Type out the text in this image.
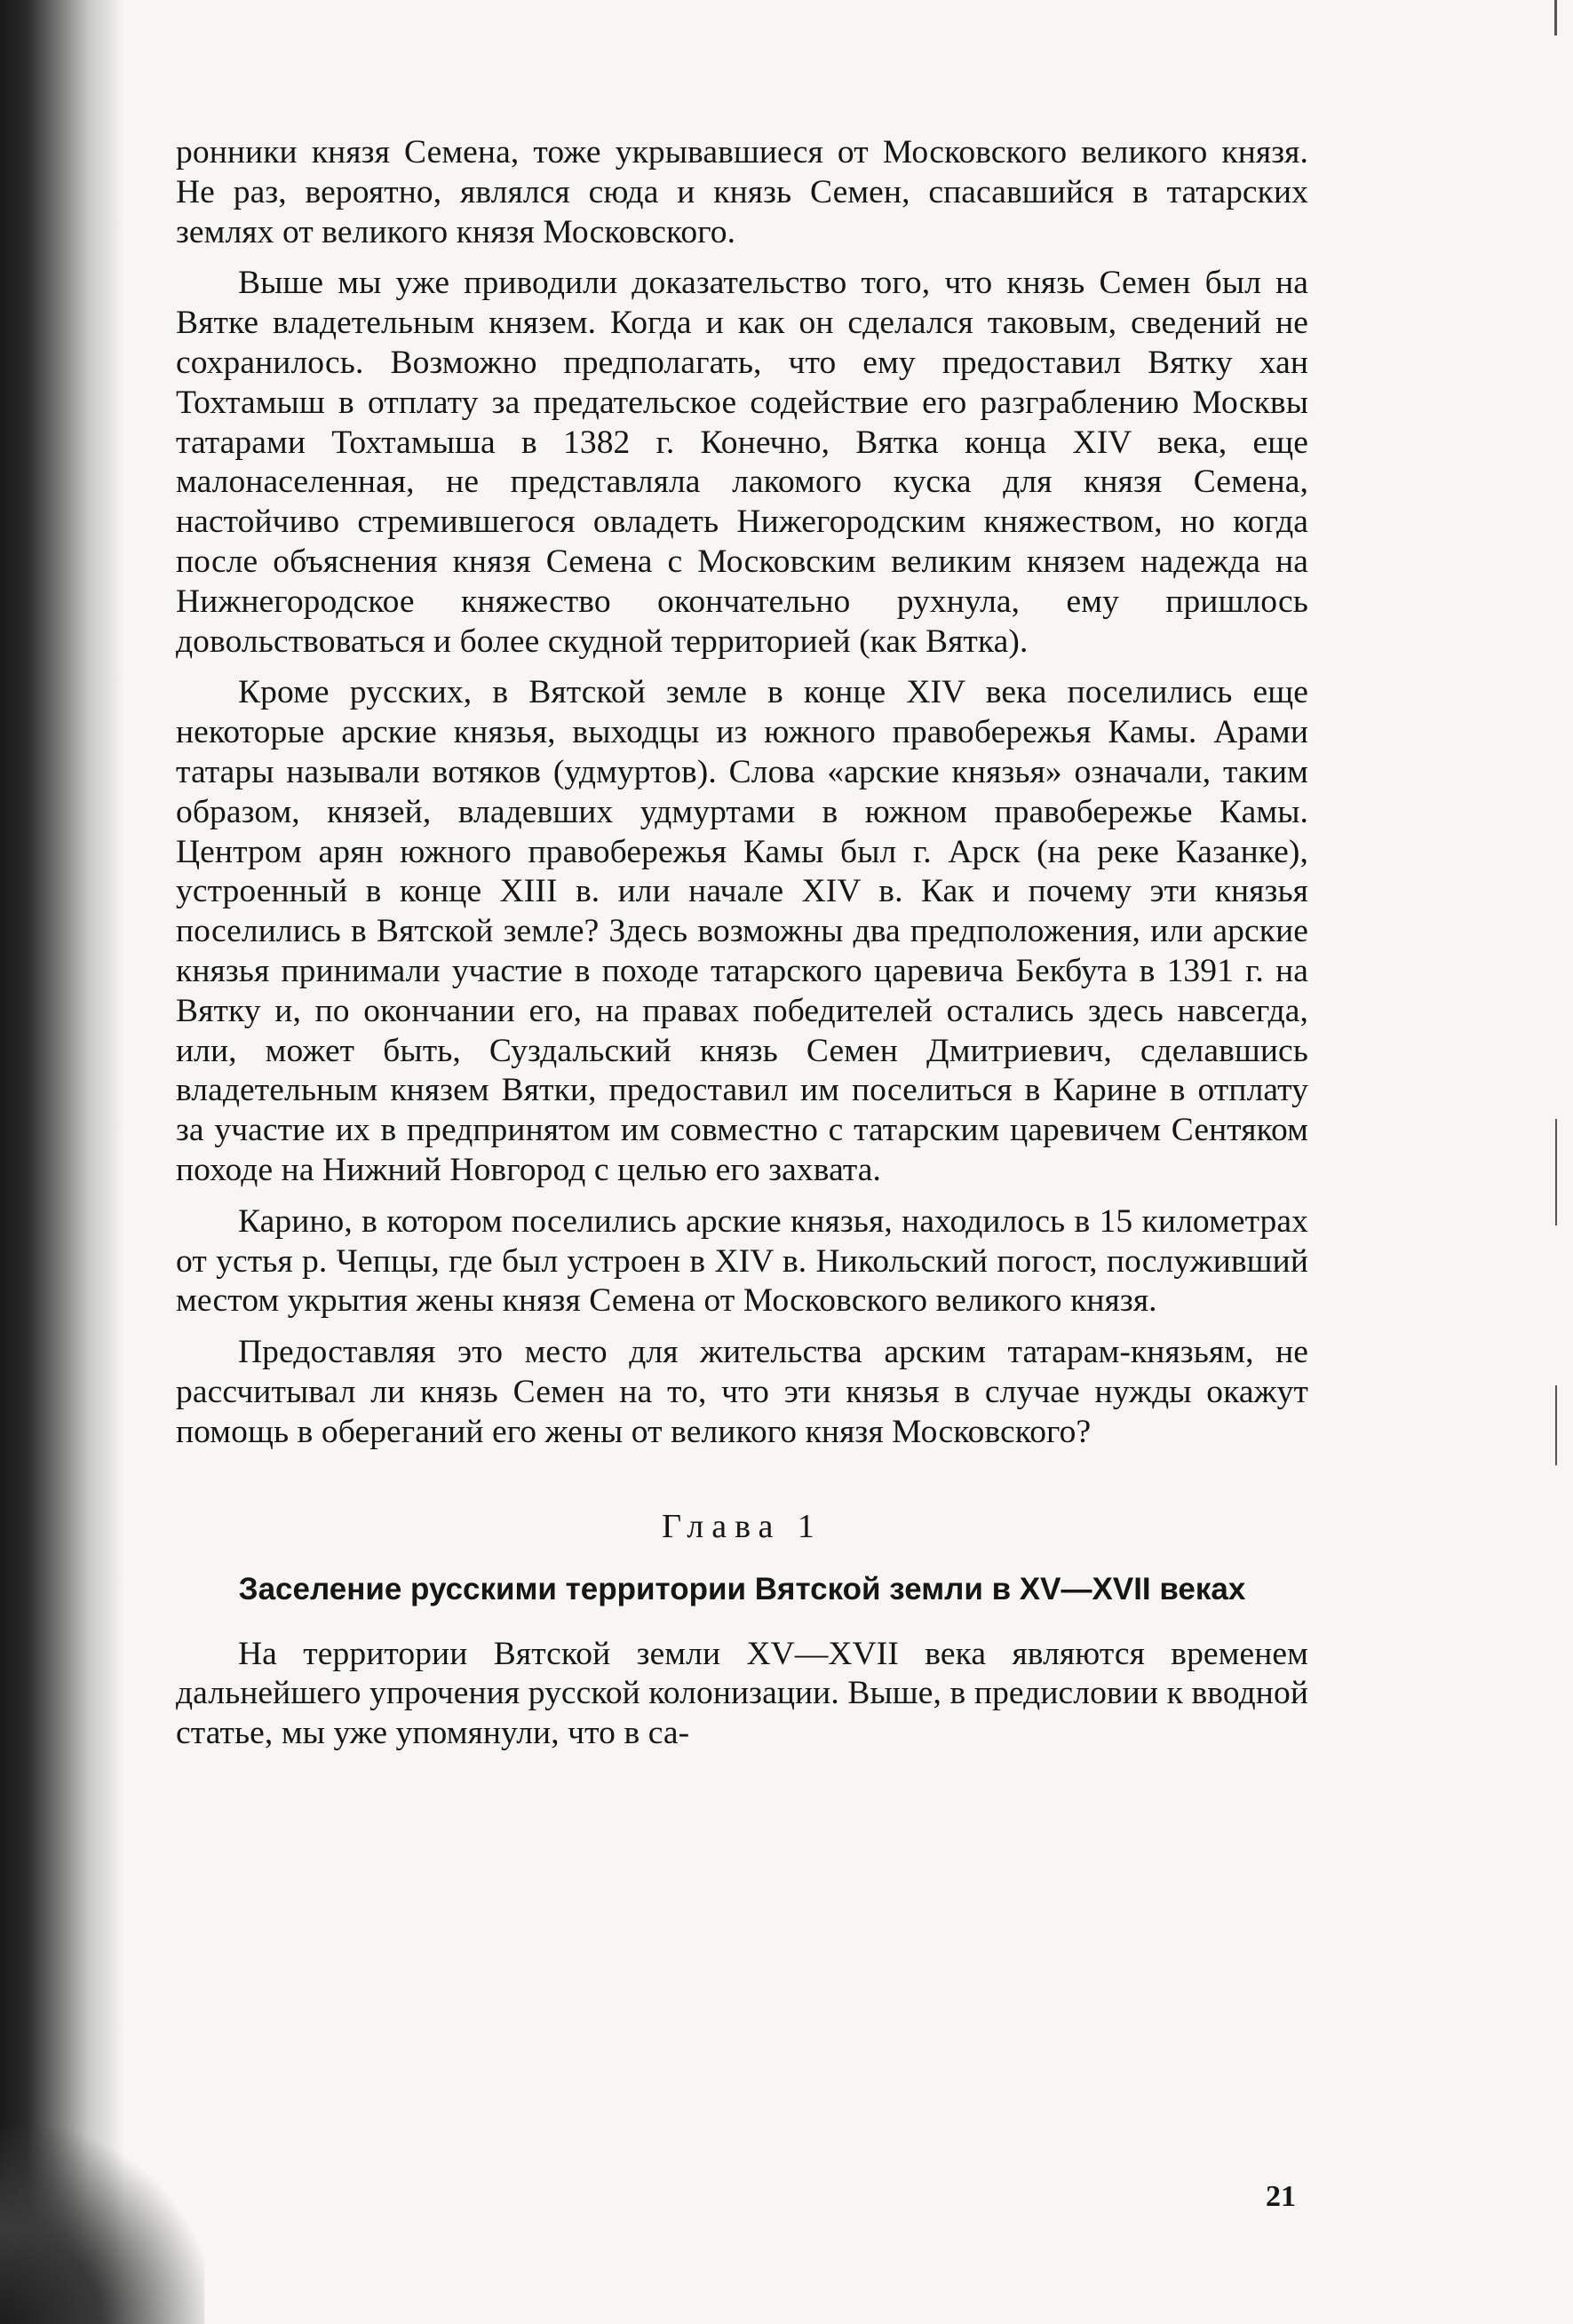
ронники князя Семена, тоже укрывавшиеся от Московского великого князя. Не раз, вероятно, являлся сюда и князь Семен, спасавшийся в татарских землях от великого князя Московского.

Выше мы уже приводили доказательство того, что князь Семен был на Вятке владетельным князем. Когда и как он сделался таковым, сведений не сохранилось. Возможно предполагать, что ему предоставил Вятку хан Тохтамыш в отплату за предательское содействие его разграблению Москвы татарами Тохтамыша в 1382 г. Конечно, Вятка конца XIV века, еще малонаселенная, не представляла лакомого куска для князя Семена, настойчиво стремившегося овладеть Нижегородским княжеством, но когда после объяснения князя Семена с Московским великим князем надежда на Нижнегородское княжество окончательно рухнула, ему пришлось довольствоваться и более скудной территорией (как Вятка).

Кроме русских, в Вятской земле в конце XIV века поселились еще некоторые арские князья, выходцы из южного правобережья Камы. Арами татары называли вотяков (удмуртов). Слова «арские князья» означали, таким образом, князей, владевших удмуртами в южном правобережье Камы. Центром арян южного правобережья Камы был г. Арск (на реке Казанке), устроенный в конце XIII в. или начале XIV в. Как и почему эти князья поселились в Вятской земле? Здесь возможны два предположения, или арские князья принимали участие в походе татарского царевича Бекбута в 1391 г. на Вятку и, по окончании его, на правах победителей остались здесь навсегда, или, может быть, Суздальский князь Семен Дмитриевич, сделавшись владетельным князем Вятки, предоставил им поселиться в Карине в отплату за участие их в предпринятом им совместно с татарским царевичем Сентяком походе на Нижний Новгород с целью его захвата.

Карино, в котором поселились арские князья, находилось в 15 километрах от устья р. Чепцы, где был устроен в XIV в. Никольский погост, послуживший местом укрытия жены князя Семена от Московского великого князя.

Предоставляя это место для жительства арским татарам-князьям, не рассчитывал ли князь Семен на то, что эти князья в случае нужды окажут помощь в обереганий его жены от великого князя Московского?

Глава 1
Заселение русскими территории Вятской земли в XV—XVII веках

На территории Вятской земли XV—XVII века являются временем дальнейшего упрочения русской колонизации. Выше, в предисловии к вводной статье, мы уже упомянули, что в са-

21
